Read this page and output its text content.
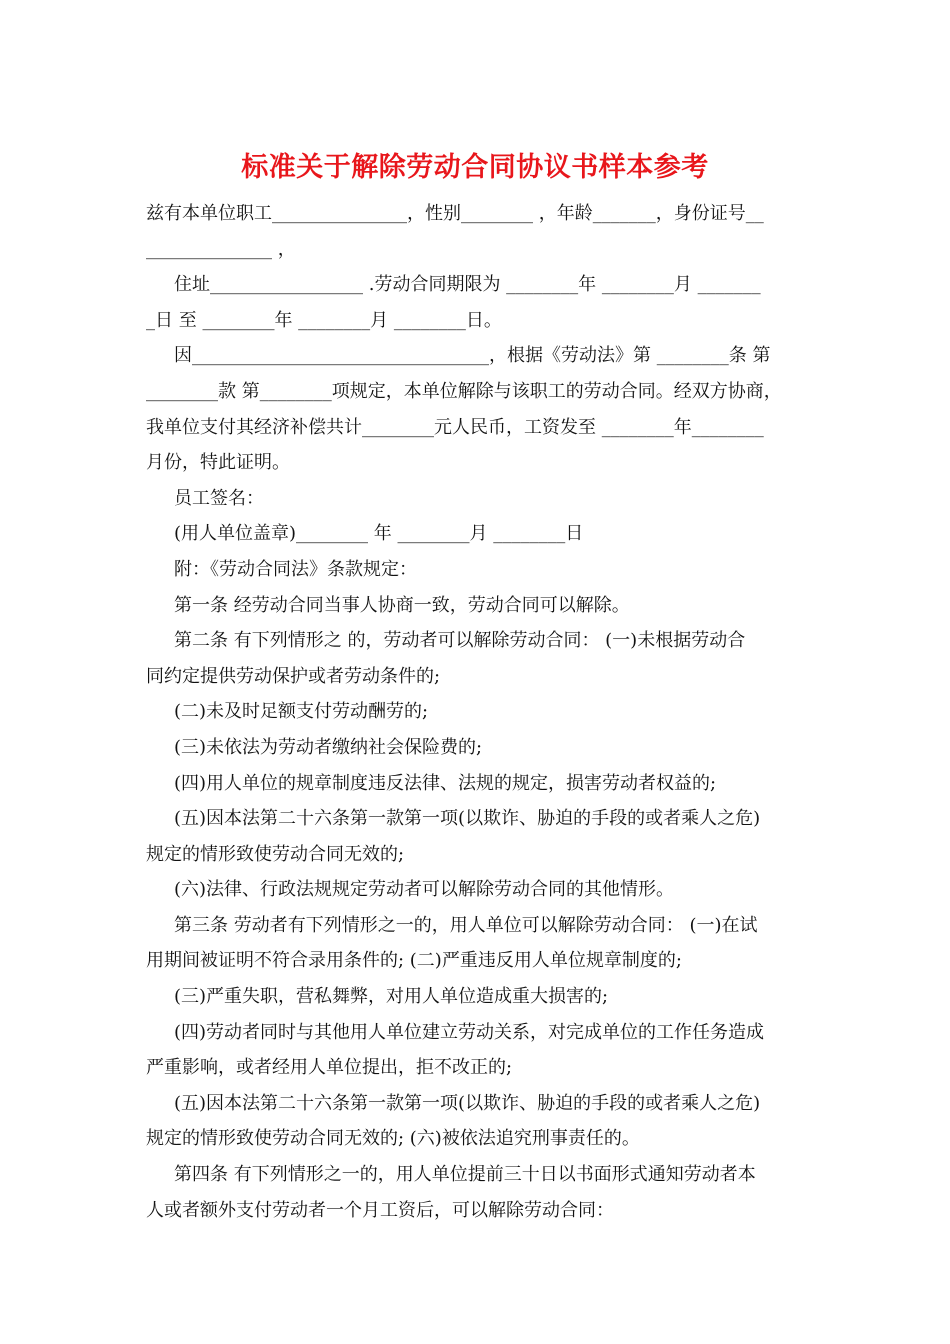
标准关于解除劳动合同协议书样本参考

兹有本单位职工_______________，性别________ ，年龄_______，身份证号__

______________ ，

住址_________________ .劳动合同期限为 ________年 ________月 _______

_日 至 ________年 ________月 ________日。

因_________________________________，根据《劳动法》第 ________条 第

________款 第________项规定，本单位解除与该职工的劳动合同。经双方协商，

我单位支付其经济补偿共计________元人民币，工资发至 ________年________

月份，特此证明。

员工签名：

(用人单位盖章)________ 年 ________月 ________日

附：《劳动合同法》条款规定：

第一条 经劳动合同当事人协商一致，劳动合同可以解除。

第二条 有下列情形之 的，劳动者可以解除劳动合同： (一)未根据劳动合

同约定提供劳动保护或者劳动条件的;

(二)未及时足额支付劳动酬劳的;

(三)未依法为劳动者缴纳社会保险费的;

(四)用人单位的规章制度违反法律、法规的规定，损害劳动者权益的;

(五)因本法第二十六条第一款第一项(以欺诈、胁迫的手段的或者乘人之危)

规定的情形致使劳动合同无效的;

(六)法律、行政法规规定劳动者可以解除劳动合同的其他情形。

第三条 劳动者有下列情形之一的，用人单位可以解除劳动合同： (一)在试

用期间被证明不符合录用条件的; (二)严重违反用人单位规章制度的;

(三)严重失职，营私舞弊，对用人单位造成重大损害的;

(四)劳动者同时与其他用人单位建立劳动关系，对完成单位的工作任务造成

严重影响，或者经用人单位提出，拒不改正的;

(五)因本法第二十六条第一款第一项(以欺诈、胁迫的手段的或者乘人之危)

规定的情形致使劳动合同无效的; (六)被依法追究刑事责任的。

第四条 有下列情形之一的，用人单位提前三十日以书面形式通知劳动者本

人或者额外支付劳动者一个月工资后，可以解除劳动合同：
